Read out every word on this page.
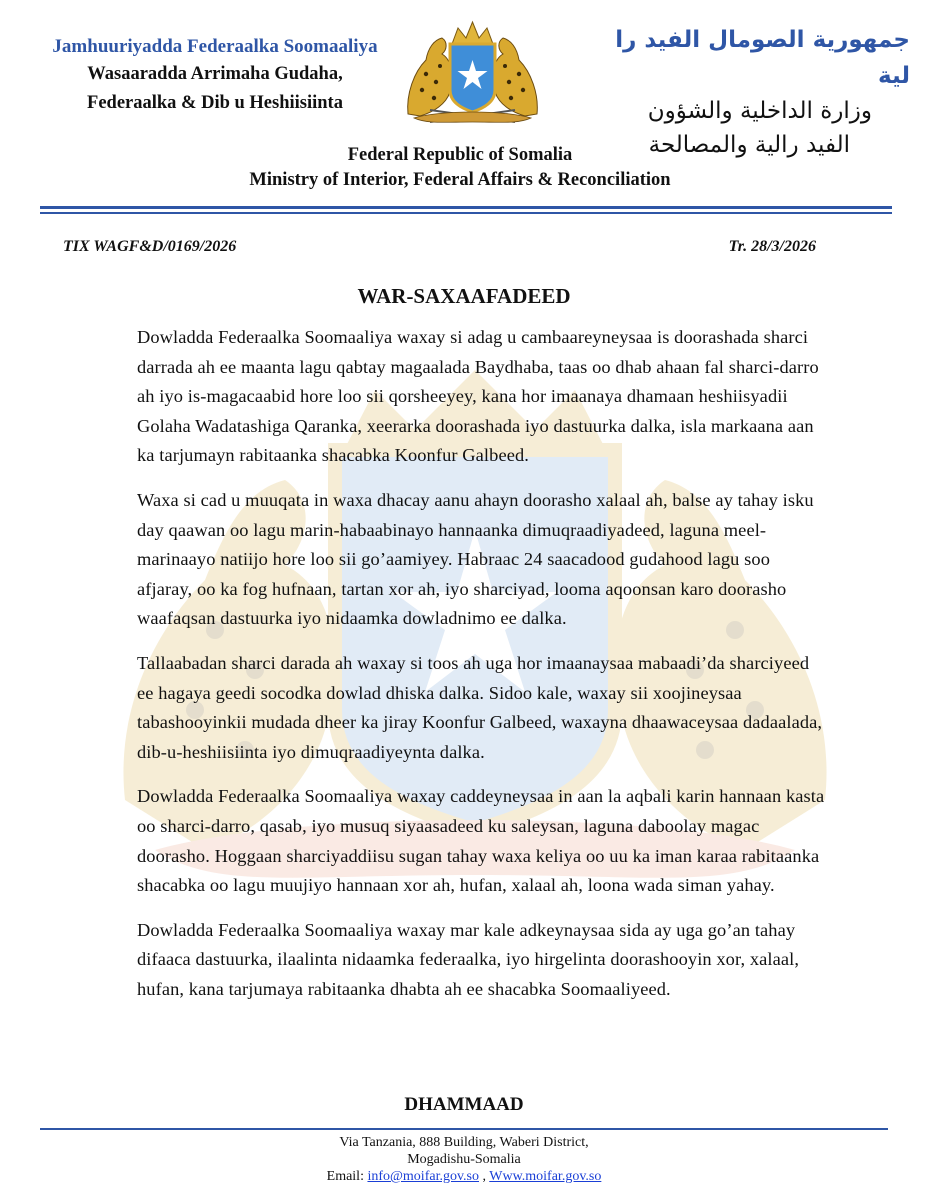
Jamhuuriyadda Federaalka Soomaaliya
Wasaaradda Arrimaha Gudaha,
Federaalka & Dib u Heshiisiinta
جمهورية الصومال الفيد را لية
وزارة الداخلية والشؤون
الفيد رالية والمصالحة
Federal Republic of Somalia
Ministry of Interior, Federal Affairs & Reconciliation
TIX WAGF&D/0169/2026	Tr. 28/3/2026
WAR-SAXAAFADEED

Dowladda Federaalka Soomaaliya waxay si adag u cambaareyneysaa is doorashada sharci darrada ah ee maanta lagu qabtay magaalada Baydhaba, taas oo dhab ahaan fal sharci-darro ah iyo is-magacaabid hore loo sii qorsheeyey, kana hor imaanaya dhamaan heshiisyadii Golaha Wadatashiga Qaranka, xeerarka doorashada iyo dastuurka dalka, isla markaana aan ka tarjumayn rabitaanka shacabka Koonfur Galbeed.

Waxa si cad u muuqata in waxa dhacay aanu ahayn doorasho xalaal ah, balse ay tahay isku day qaawan oo lagu marin-habaabinayo hannaanka dimuqraadiyadeed, laguna meel-marinaayo natiijo hore loo sii go’aamiyey. Habraac 24 saacadood gudahood lagu soo afjaray, oo ka fog hufnaan, tartan xor ah, iyo sharciyad, looma aqoonsan karo doorasho waafaqsan dastuurka iyo nidaamka dowladnimo ee dalka.

Tallaabadan sharci darada ah waxay si toos ah uga hor imaanaysaa mabaadi’da sharciyeed ee hagaya geedi socodka dowlad dhiska dalka. Sidoo kale, waxay sii xoojineysaa tabashooyinkii mudada dheer ka jiray Koonfur Galbeed, waxayna dhaawaceysaa dadaalada, dib-u-heshiisiinta iyo dimuqraadiyeynta dalka.

Dowladda Federaalka Soomaaliya waxay caddeyneysaa in aan la aqbali karin hannaan kasta oo sharci-darro, qasab, iyo musuq siyaasadeed ku saleysan, laguna daboolay magac doorasho. Hoggaan sharciyaddiisu sugan tahay waxa keliya oo uu ka iman karaa rabitaanka shacabka oo lagu muujiyo hannaan xor ah, hufan, xalaal ah, loona wada siman yahay.

Dowladda Federaalka Soomaaliya waxay mar kale adkeynaysaa sida ay uga go’an tahay difaaca dastuurka, ilaalinta nidaamka federaalka, iyo hirgelinta doorashooyin xor, xalaal, hufan, kana tarjumaya rabitaanka dhabta ah ee shacabka Soomaaliyeed.

DHAMMAAD
Via Tanzania, 888 Building, Waberi District,
Mogadishu-Somalia
Email: info@moifar.gov.so , Www.moifar.gov.so
